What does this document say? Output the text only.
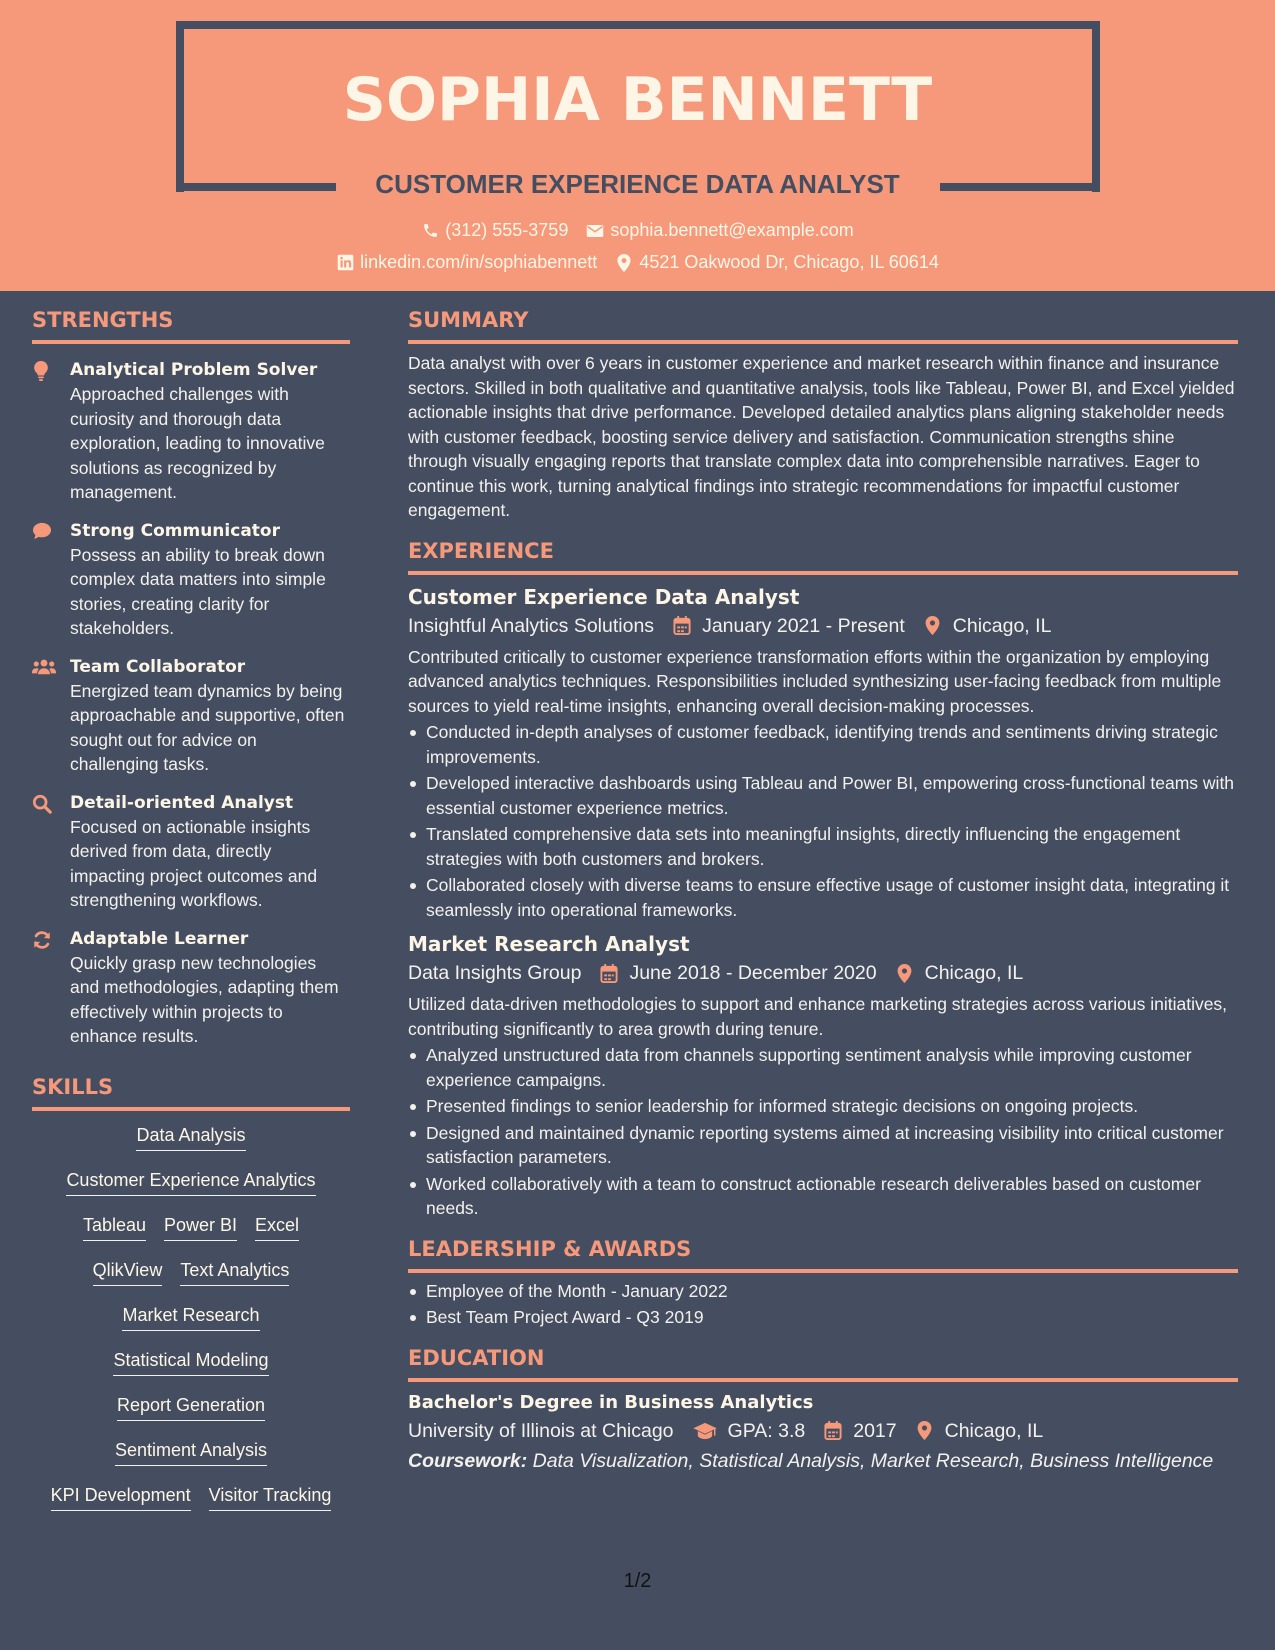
SOPHIA BENNETT
CUSTOMER EXPERIENCE DATA ANALYST
(312) 555-3759 sophia.bennett@example.com
linkedin.com/in/sophiabennett 4521 Oakwood Dr, Chicago, IL 60614
STRENGTHS
Analytical Problem Solver
Approached challenges with curiosity and thorough data exploration, leading to innovative solutions as recognized by management.
Strong Communicator
Possess an ability to break down complex data matters into simple stories, creating clarity for stakeholders.
Team Collaborator
Energized team dynamics by being approachable and supportive, often sought out for advice on challenging tasks.
Detail-oriented Analyst
Focused on actionable insights derived from data, directly impacting project outcomes and strengthening workflows.
Adaptable Learner
Quickly grasp new technologies and methodologies, adapting them effectively within projects to enhance results.
SKILLS
Data Analysis
Customer Experience Analytics
Tableau Power BI Excel
QlikView Text Analytics
Market Research
Statistical Modeling
Report Generation
Sentiment Analysis
KPI Development Visitor Tracking
SUMMARY
Data analyst with over 6 years in customer experience and market research within finance and insurance sectors. Skilled in both qualitative and quantitative analysis, tools like Tableau, Power BI, and Excel yielded actionable insights that drive performance. Developed detailed analytics plans aligning stakeholder needs with customer feedback, boosting service delivery and satisfaction. Communication strengths shine through visually engaging reports that translate complex data into comprehensible narratives. Eager to continue this work, turning analytical findings into strategic recommendations for impactful customer engagement.
EXPERIENCE
Customer Experience Data Analyst
Insightful Analytics Solutions January 2021 - Present Chicago, IL
Contributed critically to customer experience transformation efforts within the organization by employing advanced analytics techniques. Responsibilities included synthesizing user-facing feedback from multiple sources to yield real-time insights, enhancing overall decision-making processes.
Conducted in-depth analyses of customer feedback, identifying trends and sentiments driving strategic improvements.
Developed interactive dashboards using Tableau and Power BI, empowering cross-functional teams with essential customer experience metrics.
Translated comprehensive data sets into meaningful insights, directly influencing the engagement strategies with both customers and brokers.
Collaborated closely with diverse teams to ensure effective usage of customer insight data, integrating it seamlessly into operational frameworks.
Market Research Analyst
Data Insights Group June 2018 - December 2020 Chicago, IL
Utilized data-driven methodologies to support and enhance marketing strategies across various initiatives, contributing significantly to area growth during tenure.
Analyzed unstructured data from channels supporting sentiment analysis while improving customer experience campaigns.
Presented findings to senior leadership for informed strategic decisions on ongoing projects.
Designed and maintained dynamic reporting systems aimed at increasing visibility into critical customer satisfaction parameters.
Worked collaboratively with a team to construct actionable research deliverables based on customer needs.
LEADERSHIP & AWARDS
Employee of the Month - January 2022
Best Team Project Award - Q3 2019
EDUCATION
Bachelor's Degree in Business Analytics
University of Illinois at Chicago	GPA: 3.8 2017 Chicago, IL
Coursework: Data Visualization, Statistical Analysis, Market Research, Business Intelligence
1/2
